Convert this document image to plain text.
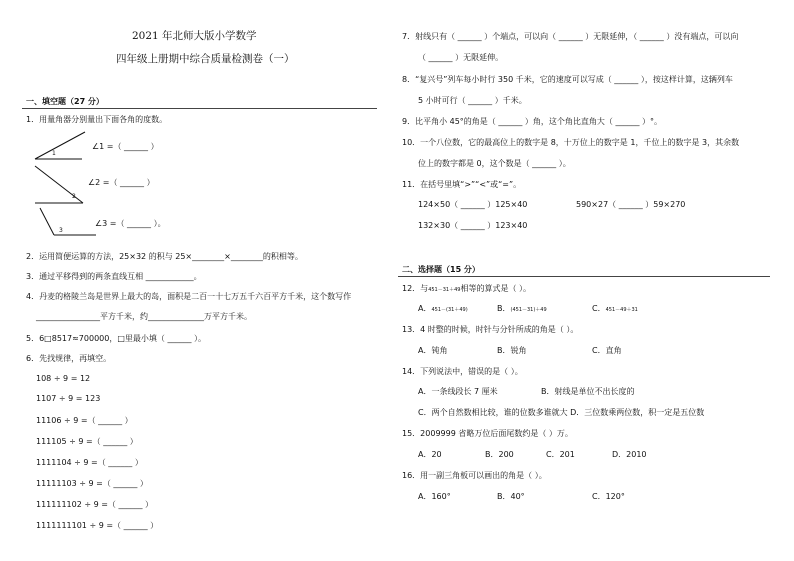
2021 年北师大版小学数学
四年级上册期中综合质量检测卷（一）
一、填空题（27 分）
1．用量角器分别量出下面各角的度数。
1
2
3
∠1 =（ ______ ）
∠2 =（ ______ ）
∠3 =（ ______ ）。
2．运用简便运算的方法，25×32 的积与 25×________×________的积相等。
3．通过平移得到的两条直线互相 ____________。
4．丹麦的格陵兰岛是世界上最大的岛，面积是二百一十七万五千六百平方千米，这个数写作
________________平方千米，约______________万平方千米。
5．6□8517≈700000，□里最小填（ ______ ）。
6．先找规律，再填空。
108 ÷ 9 = 12
1107 ÷ 9 = 123
11106 ÷ 9 =（ ______ ）
111105 ÷ 9 =（ ______ ）
1111104 ÷ 9 =（ ______ ）
11111103 ÷ 9 =（ ______ ）
111111102 ÷ 9 =（ ______ ）
1111111101 ÷ 9 =（ ______ ）
7．射线只有（ ______ ）个端点，可以向（ ______ ）无限延伸，（ ______ ）没有端点，可以向
（ ______ ）无限延伸。
8．“复兴号”列车每小时行 350 千米，它的速度可以写成（ ______ ），按这样计算，这辆列车
5 小时可行（ ______ ）千米。
9．比平角小 45°的角是（ ______ ）角，这个角比直角大（ ______ ）°。
10．一个八位数，它的最高位上的数字是 8，十万位上的数字是 1，千位上的数字是 3，其余数
位上的数字都是 0，这个数是（ ______ ）。
11．在括号里填“>”“<”或“=”。
124×50（ ______ ）125×40	590×27（ ______ ）59×270
132×30（ ______ ）123×40
二、选择题（15 分）
12．与451－31＋49相等的算式是（ ）。
A．451－(31＋49)	B．(451－31)＋49	C．451－49＋31
13．4 时整的时候，时针与分针所成的角是（ ）。
A．钝角	B．锐角	C．直角
14．下列说法中，错误的是（ ）。
A．一条线段长 7 厘米	B．射线是单位不出长度的
C．两个自然数相比较，谁的位数多谁就大 D．三位数乘两位数，积一定是五位数
15．2009999 省略万位后面尾数约是（ ）万。
A．20	B．200	C．201	D．2010
16．用一副三角板可以画出的角是（ ）。
A．160°	B．40°	C．120°
